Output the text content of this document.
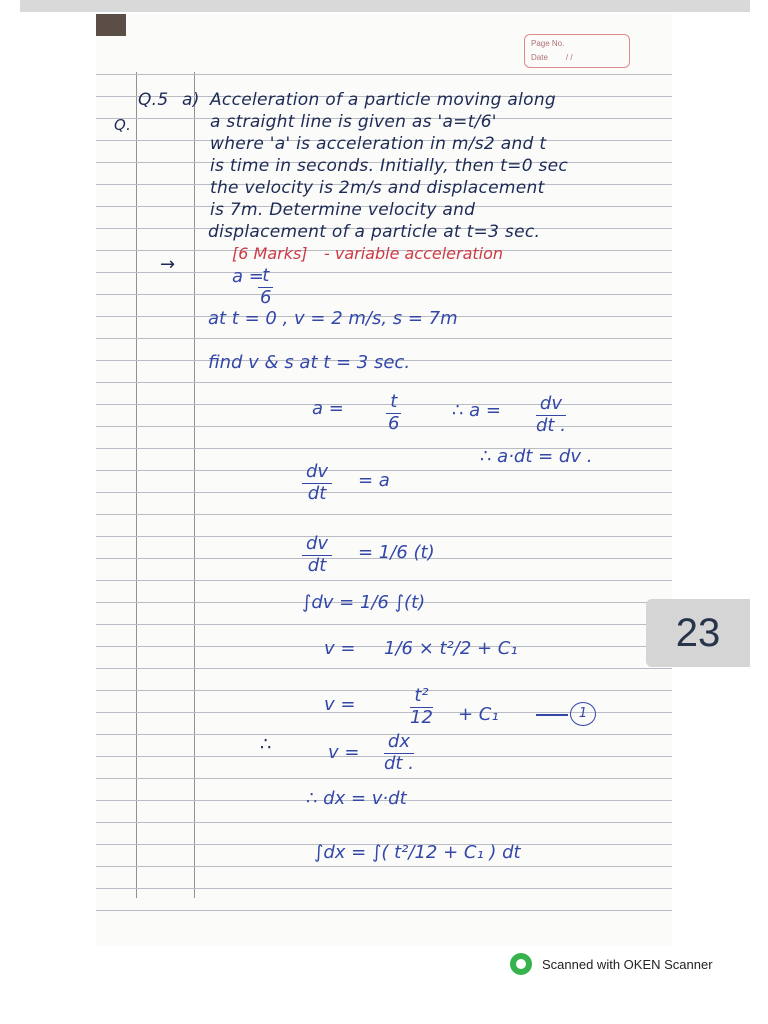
Page No.
Date / /
Q.
Q.5 a) Acceleration of a particle moving along
a straight line is given as 'a=t/6'
where 'a' is acceleration in m/s2 and t
is time in seconds. Initially, then t=0 sec
the velocity is 2m/s and displacement
is 7m. Determine velocity and
displacement of a particle at t=3 sec.
[6 Marks] - variable acceleration
→
a =
$\frac{t}{6}$
at t = 0 , v = 2 m/s, s = 7m
find v & s at t = 3 sec.
$a = \frac{t}{6}$	∴ $a = \frac{dv}{dt .}$
∴ a·dt = dv .
$\frac{dv}{dt} = a$
$\frac{dv}{dt} = 1/6$ (t)
∫dv = 1/6 ∫(t)
v = 1/6 × t²/2 + C₁
v =	$\frac{\text{t²}}{12} + C_1$	1
∴	$v = \frac{dx}{dt .}$
∴ dx = v·dt
∫dx = ∫( t²/12 + C₁ ) dt
23
Scanned with OKEN Scanner
